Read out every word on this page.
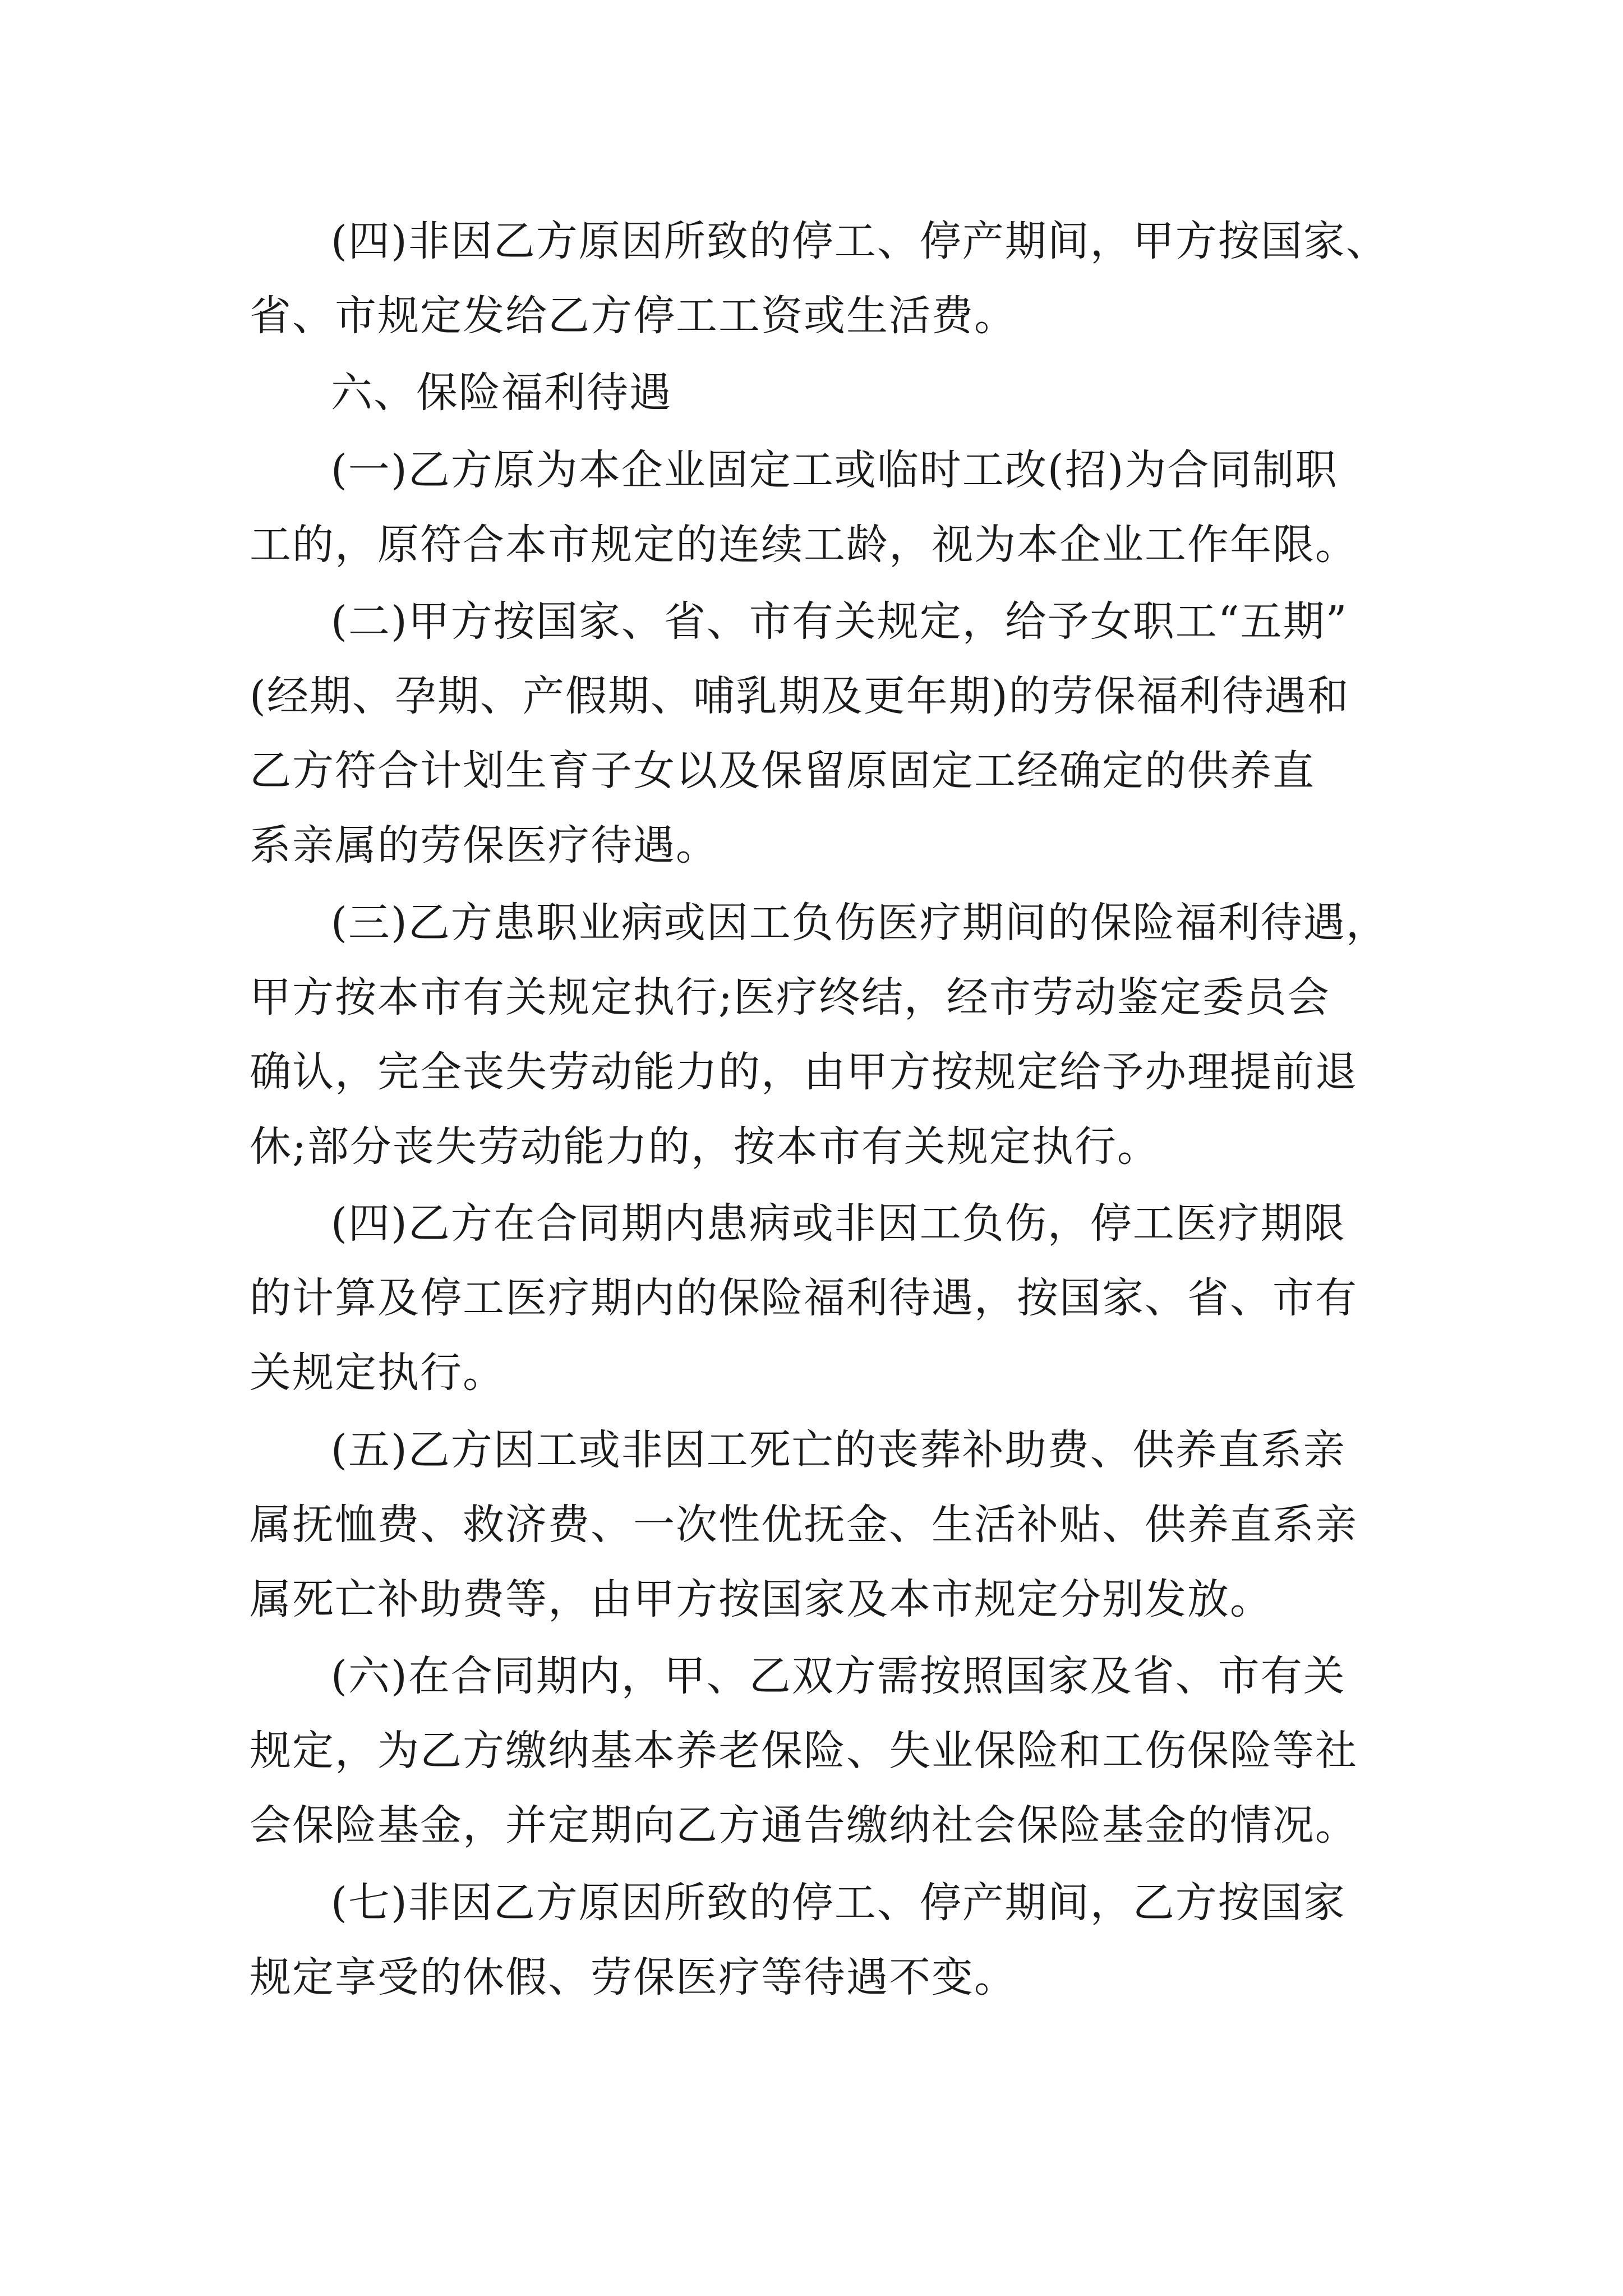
(四)非因乙方原因所致的停工、停产期间，甲方按国家、
省、市规定发给乙方停工工资或生活费。

六、保险福利待遇

(一)乙方原为本企业固定工或临时工改(招)为合同制职
工的，原符合本市规定的连续工龄，视为本企业工作年限。

(二)甲方按国家、省、市有关规定，给予女职工“五期”
(经期、孕期、产假期、哺乳期及更年期)的劳保福利待遇和
乙方符合计划生育子女以及保留原固定工经确定的供养直
系亲属的劳保医疗待遇。

(三)乙方患职业病或因工负伤医疗期间的保险福利待遇，
甲方按本市有关规定执行;医疗终结，经市劳动鉴定委员会
确认，完全丧失劳动能力的，由甲方按规定给予办理提前退
休;部分丧失劳动能力的，按本市有关规定执行。

(四)乙方在合同期内患病或非因工负伤，停工医疗期限
的计算及停工医疗期内的保险福利待遇，按国家、省、市有
关规定执行。

(五)乙方因工或非因工死亡的丧葬补助费、供养直系亲
属抚恤费、救济费、一次性优抚金、生活补贴、供养直系亲
属死亡补助费等，由甲方按国家及本市规定分别发放。

(六)在合同期内，甲、乙双方需按照国家及省、市有关
规定，为乙方缴纳基本养老保险、失业保险和工伤保险等社
会保险基金，并定期向乙方通告缴纳社会保险基金的情况。

(七)非因乙方原因所致的停工、停产期间，乙方按国家
规定享受的休假、劳保医疗等待遇不变。
